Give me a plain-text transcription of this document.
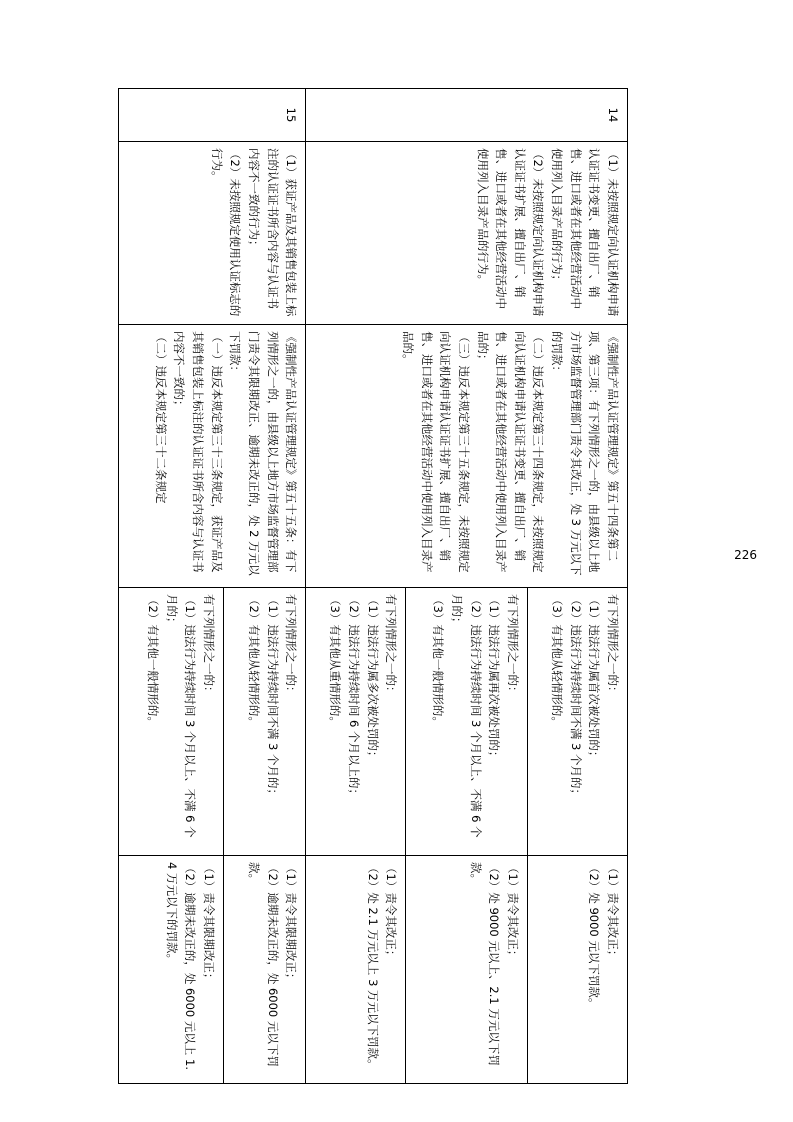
14	（1）未按照规定向认证机构申请认证证书变更、擅自出厂、销售、进口或者在其他经营活动中使用列入目录产品的行为；
（2）未按照规定向认证机构申请认证证书扩展、擅自出厂、销售、进口或者在其他经营活动中使用列入目录产品的行为。	《强制性产品认证管理规定》第五十四条第二项、第三项：有下列情形之一的，由县级以上地方市场监督管理部门责令其改正，处 3 万元以下的罚款：
（二）违反本规定第三十四条规定，未按照规定向认证机构申请认证证书变更、擅自出厂、销售、进口或者在其他经营活动中使用列入目录产品的；
（三）违反本规定第三十五条规定，未按照规定向认证机构申请认证证书扩展、擅自出厂、销售、进口或者在其他经营活动中使用列入目录产品的。	有下列情形之一的：
（1）违法行为属首次被处罚的；
（2）违法行为持续时间不满 3 个月的；
（3）有其他从轻情形的。	（1）责令其改正；
（2）处 9000 元以下罚款。

			有下列情形之一的：
（1）违法行为属再次被处罚的；
（2）违法行为持续时间 3 个月以上、不满 6 个月的；
（3）有其他一般情形的。	（1）责令其改正；
（2）处 9000 元以上、2.1 万元以下罚款。

			有下列情形之一的：
（1）违法行为属多次被处罚的；
（2）违法行为持续时间 6 个月以上的；
（3）有其他从重情形的。	（1）责令其改正；
（2）处 2.1 万元以上 3 万元以下罚款。

15	（1）获证产品及其销售包装上标注的认证证书所含内容与认证书内容不一致的行为；
（2）未按照规定使用认证标志的行为。	《强制性产品认证管理规定》第五十五条：有下列情形之一的，由县级以上地方市场监督管理部门责令其限期改正、逾期未改正的，处 2 万元以下罚款：
（一）违反本规定第三十三条规定，获证产品及其销售包装上标注的认证证书所含内容与认证书内容不一致的；
（二）违反本规定第三十二条规定	有下列情形之一的：
（1）违法行为持续时间不满 3 个月的；
（2）有其他从轻情形的。	（1）责令其限期改正；
（2）逾期未改正的，处 6000 元以下罚款。

			有下列情形之一的：
（1）违法行为持续时间 3 个月以上、不满 6 个月的；
（2）有其他一般情形的。	（1）责令其限期改正；
（2）逾期未改正的，处 6000 元以上 1.4 万元以下的罚款。
226
